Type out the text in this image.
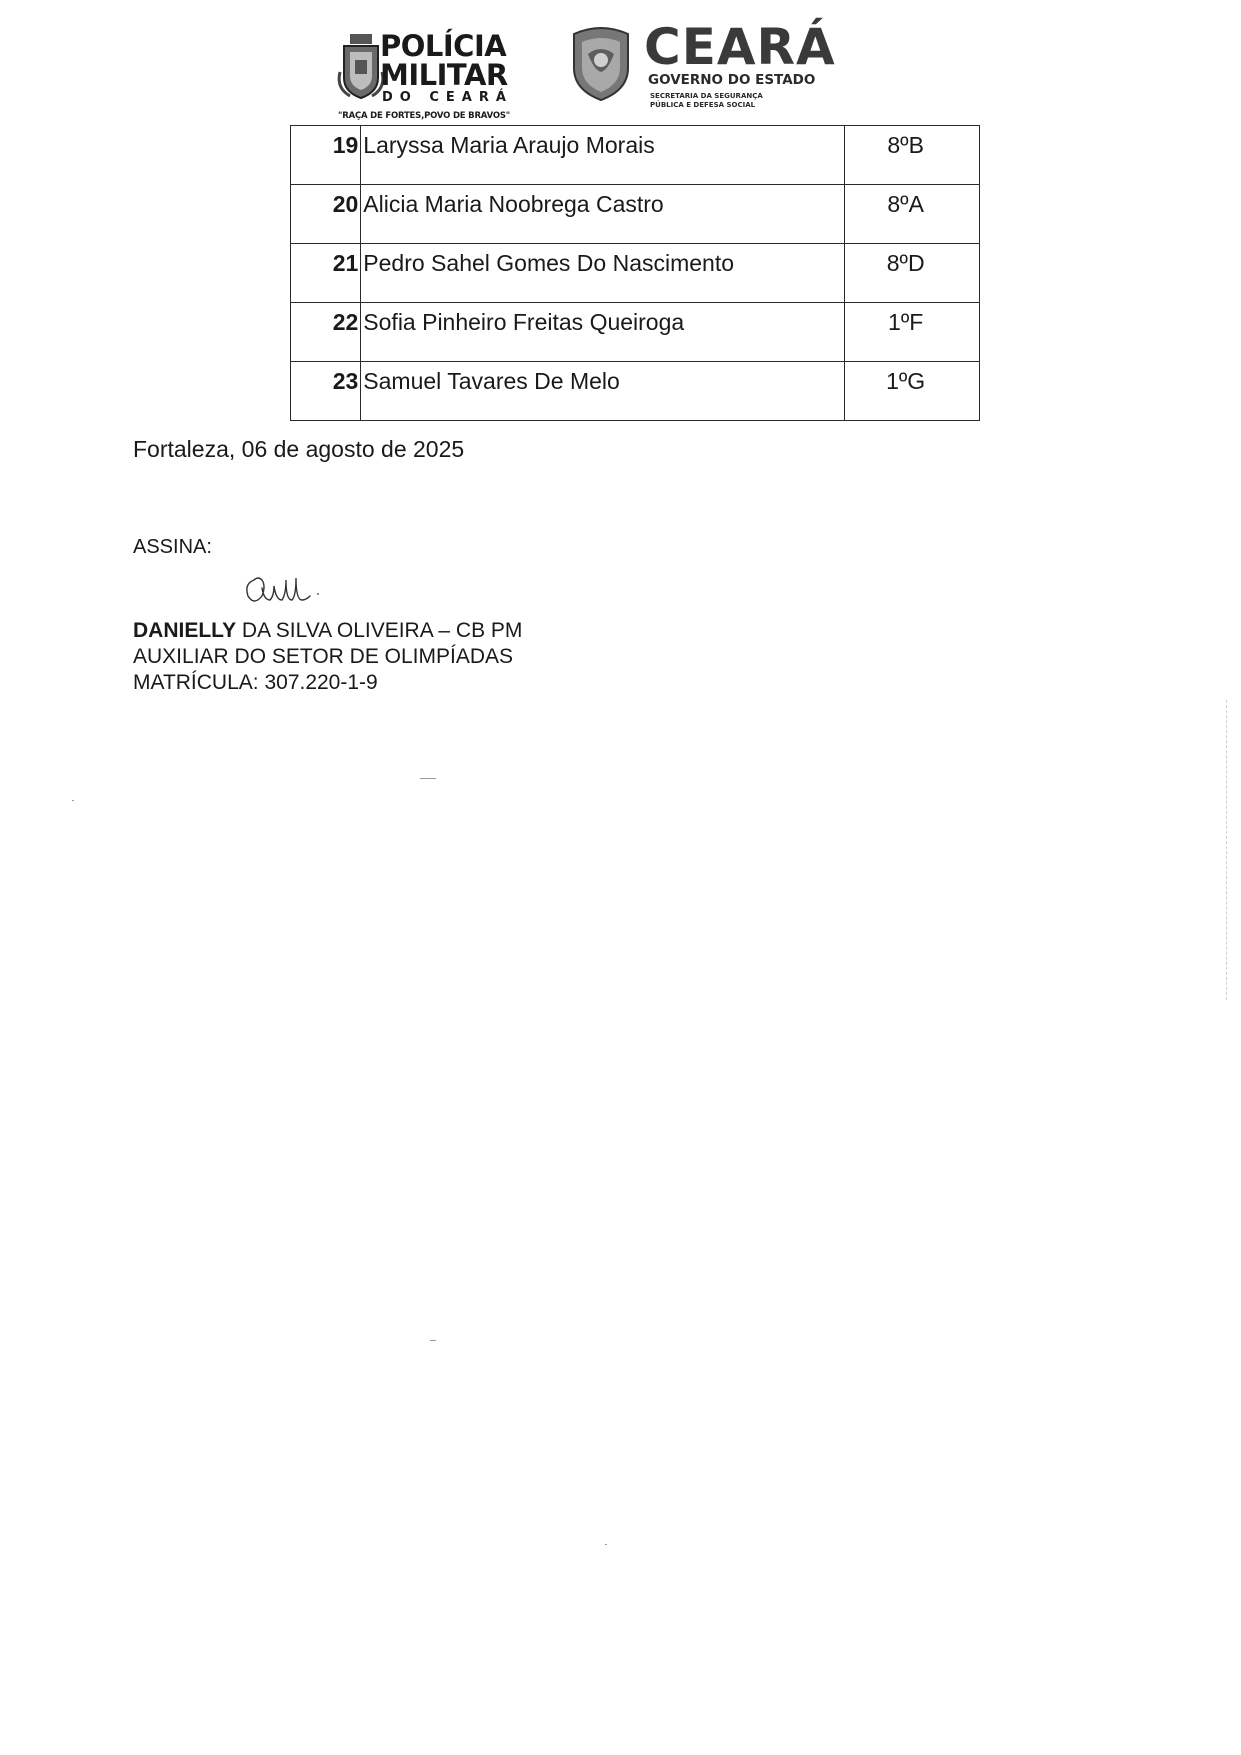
POLÍCIA
MILITAR
DO CEARÁ
"RAÇA DE FORTES,POVO DE BRAVOS"
CEARÁ
GOVERNO DO ESTADO
SECRETARIA DA SEGURANÇA
PÚBLICA E DEFESA SOCIAL
19	Laryssa Maria Araujo Morais	8ºB
20	Alicia Maria Noobrega Castro	8ºA
21	Pedro Sahel Gomes Do Nascimento	8ºD
22	Sofia Pinheiro Freitas Queiroga	1ºF
23	Samuel Tavares De Melo	1ºG
Fortaleza, 06 de agosto de 2025
ASSINA:
DANIELLY DA SILVA OLIVEIRA – CB PM
AUXILIAR DO SETOR DE OLIMPÍADAS
MATRÍCULA: 307.220-1-9
